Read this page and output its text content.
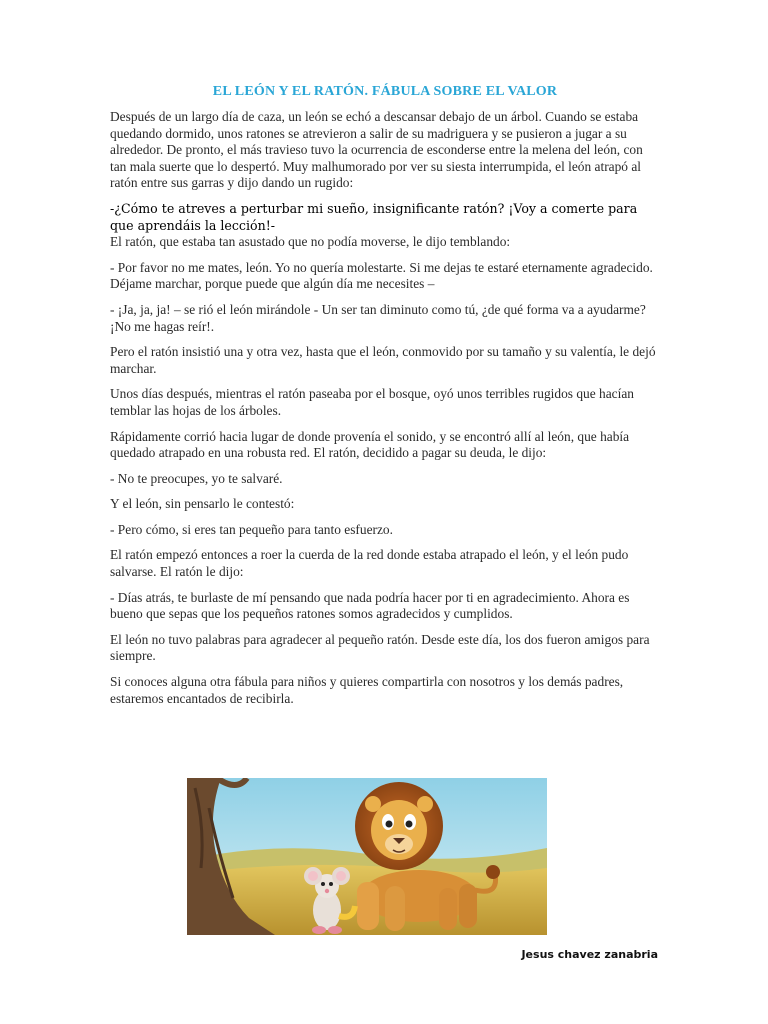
EL LEÓN Y EL RATÓN. FÁBULA SOBRE EL VALOR

Después de un largo día de caza, un león se echó a descansar debajo de un árbol. Cuando se estaba quedando dormido, unos ratones se atrevieron a salir de su madriguera y se pusieron a jugar a su alrededor. De pronto, el más travieso tuvo la ocurrencia de esconderse entre la melena del león, con tan mala suerte que lo despertó. Muy malhumorado por ver su siesta interrumpida, el león atrapó al ratón entre sus garras y dijo dando un rugido:

-¿Cómo te atreves a perturbar mi sueño, insignificante ratón? ¡Voy a comerte para que aprendáis la lección!-

El ratón, que estaba tan asustado que no podía moverse, le dijo temblando:

- Por favor no me mates, león. Yo no quería molestarte. Si me dejas te estaré eternamente agradecido. Déjame marchar, porque puede que algún día me necesites –

- ¡Ja, ja, ja! – se rió el león mirándole - Un ser tan diminuto como tú, ¿de qué forma va a ayudarme? ¡No me hagas reír!.

Pero el ratón insistió una y otra vez, hasta que el león, conmovido por su tamaño y su valentía, le dejó marchar.

Unos días después, mientras el ratón paseaba por el bosque, oyó unos terribles rugidos que hacían temblar las hojas de los árboles.

Rápidamente corrió hacia lugar de donde provenía el sonido, y se encontró allí al león, que había quedado atrapado en una robusta red. El ratón, decidido a pagar su deuda, le dijo:

- No te preocupes, yo te salvaré.

Y el león, sin pensarlo le contestó:

- Pero cómo, si eres tan pequeño para tanto esfuerzo.

El ratón empezó entonces a roer la cuerda de la red donde estaba atrapado el león, y el león pudo salvarse. El ratón le dijo:

- Días atrás, te burlaste de mí pensando que nada podría hacer por ti en agradecimiento. Ahora es bueno que sepas que los pequeños ratones somos agradecidos y cumplidos.

El león no tuvo palabras para agradecer al pequeño ratón. Desde este día, los dos fueron amigos para siempre.

Si conoces alguna otra fábula para niños y quieres compartirla con nosotros y los demás padres, estaremos encantados de recibirla.

Jesus chavez zanabria
